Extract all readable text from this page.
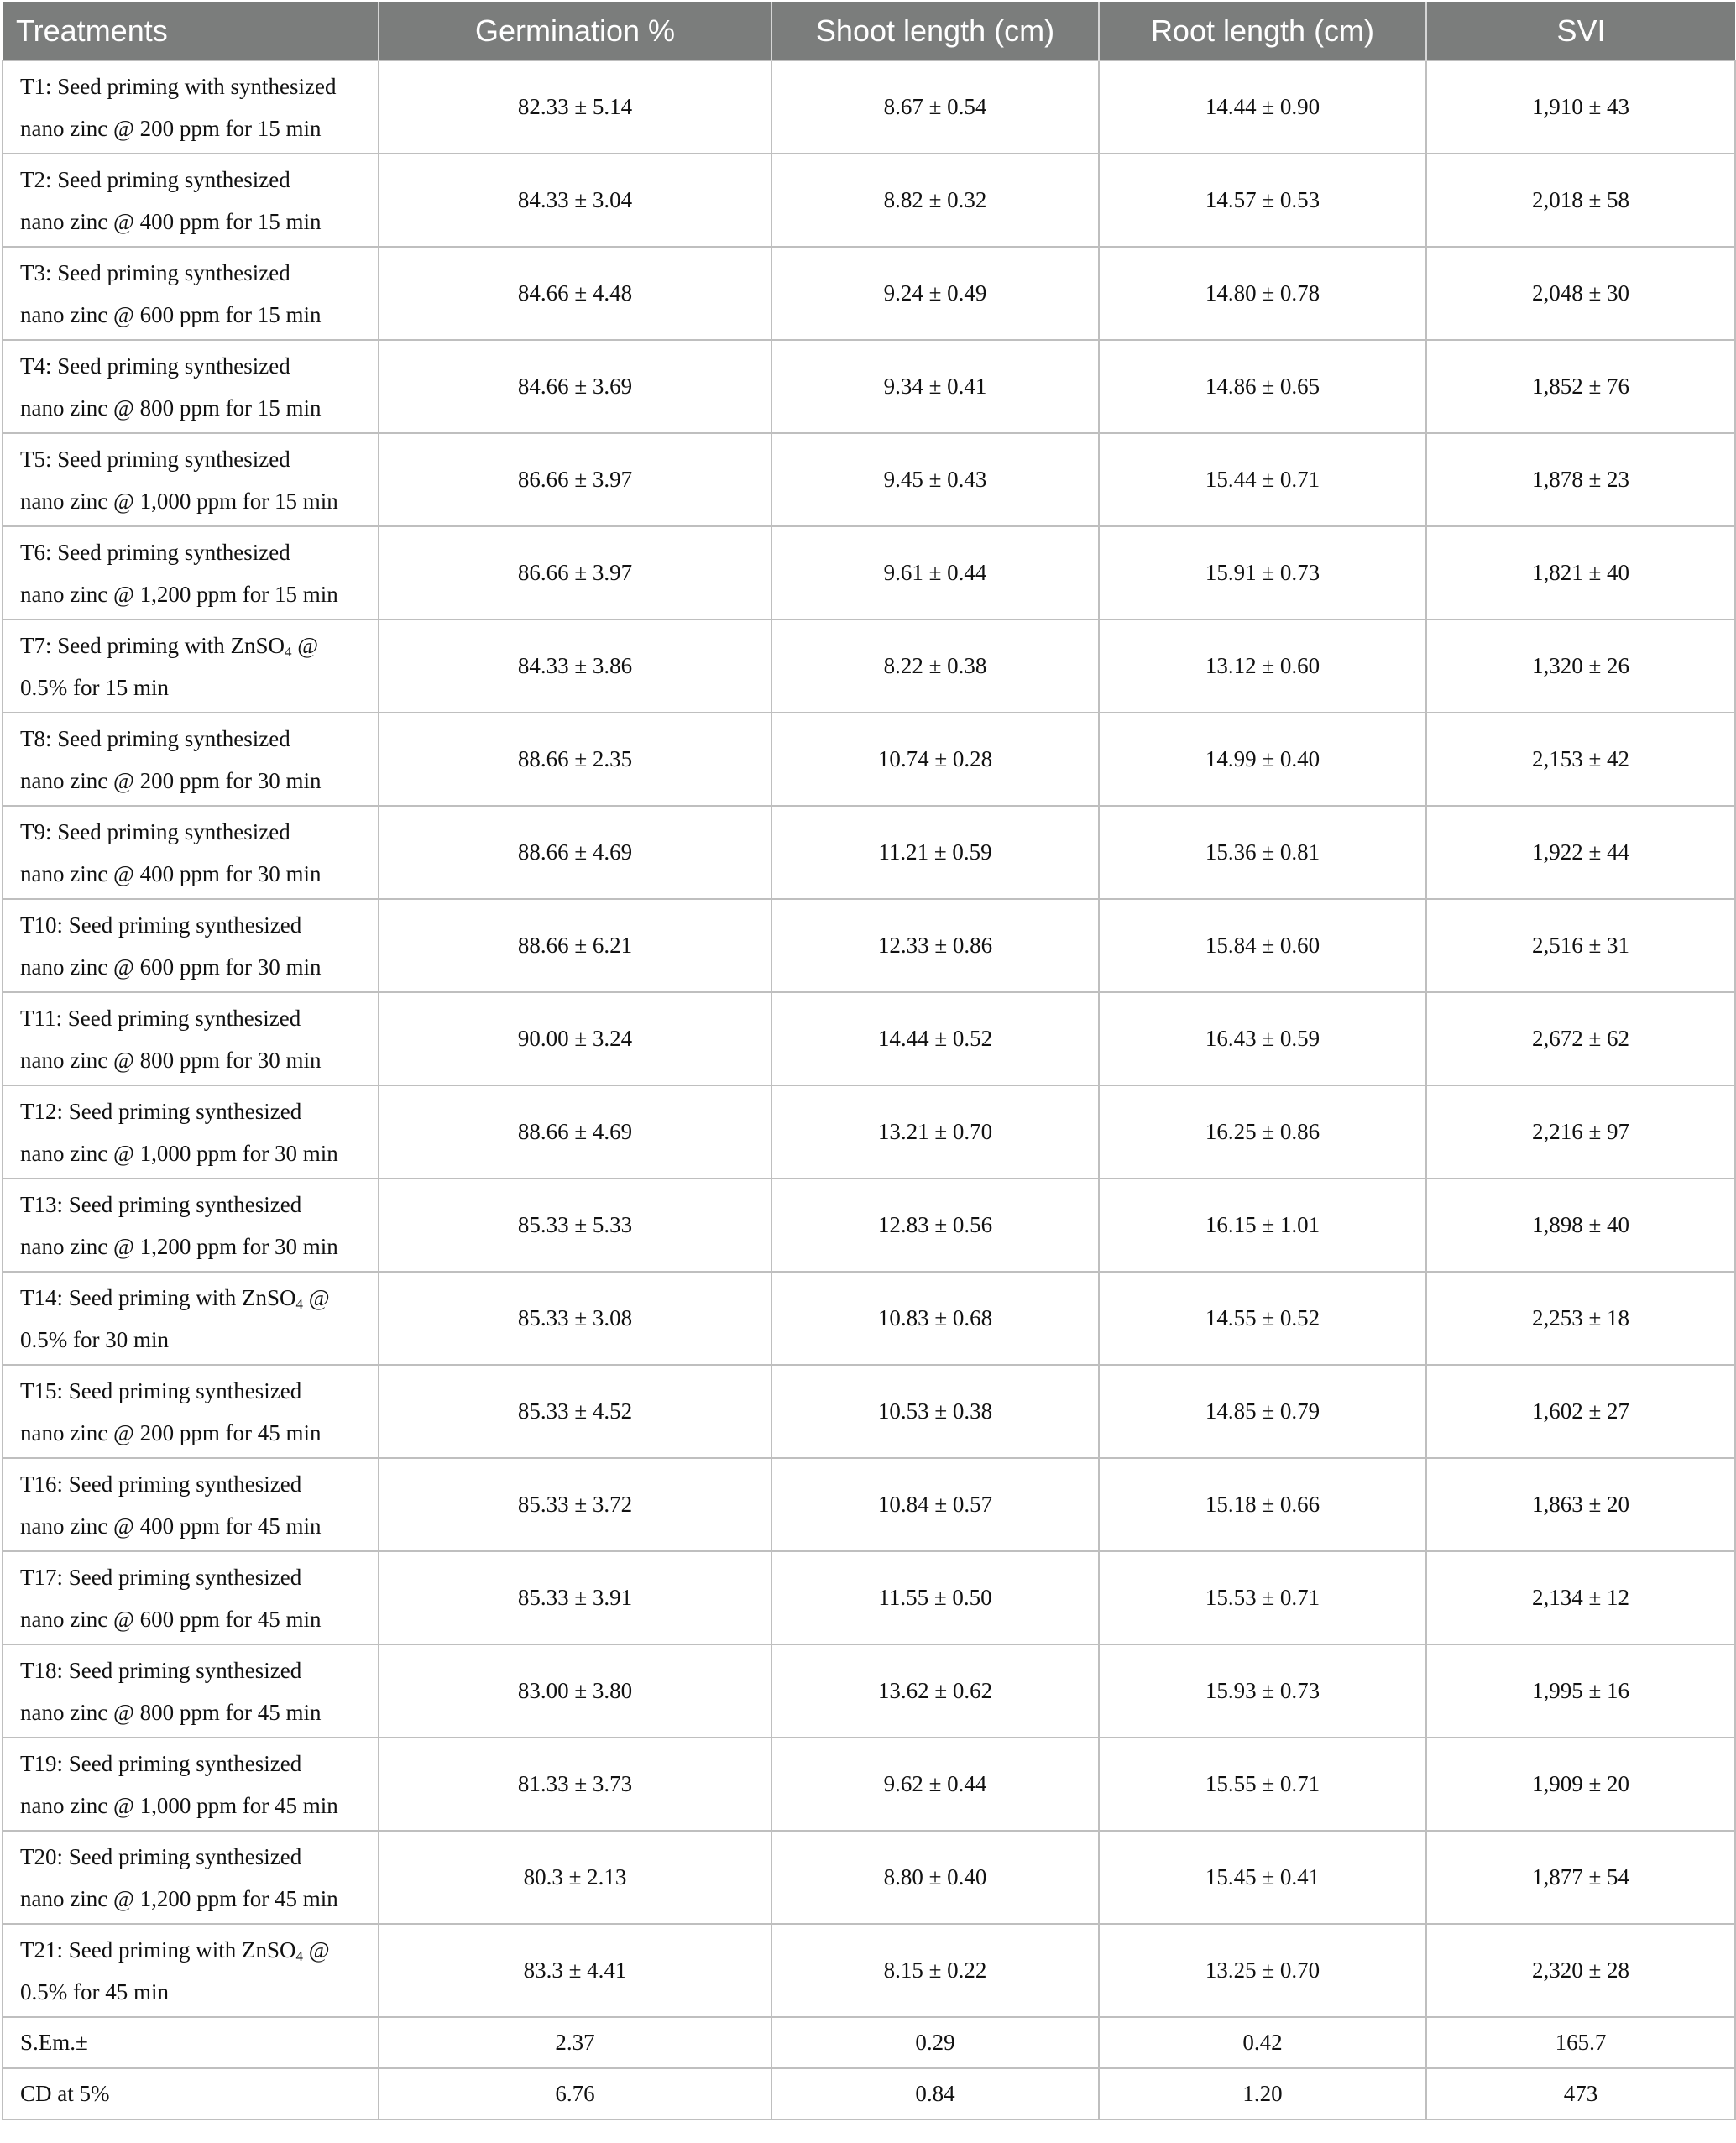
Treatments	Germination %	Shoot length (cm)	Root length (cm)	SVI
T1: Seed priming with synthesized
nano zinc @ 200 ppm for 15 min	82.33 ± 5.14	8.67 ± 0.54	14.44 ± 0.90	1,910 ± 43
T2: Seed priming synthesized
nano zinc @ 400 ppm for 15 min	84.33 ± 3.04	8.82 ± 0.32	14.57 ± 0.53	2,018 ± 58
T3: Seed priming synthesized
nano zinc @ 600 ppm for 15 min	84.66 ± 4.48	9.24 ± 0.49	14.80 ± 0.78	2,048 ± 30
T4: Seed priming synthesized
nano zinc @ 800 ppm for 15 min	84.66 ± 3.69	9.34 ± 0.41	14.86 ± 0.65	1,852 ± 76
T5: Seed priming synthesized
nano zinc @ 1,000 ppm for 15 min	86.66 ± 3.97	9.45 ± 0.43	15.44 ± 0.71	1,878 ± 23
T6: Seed priming synthesized
nano zinc @ 1,200 ppm for 15 min	86.66 ± 3.97	9.61 ± 0.44	15.91 ± 0.73	1,821 ± 40
T7: Seed priming with ZnSO$_4$ @
0.5% for 15 min	84.33 ± 3.86	8.22 ± 0.38	13.12 ± 0.60	1,320 ± 26
T8: Seed priming synthesized
nano zinc @ 200 ppm for 30 min	88.66 ± 2.35	10.74 ± 0.28	14.99 ± 0.40	2,153 ± 42
T9: Seed priming synthesized
nano zinc @ 400 ppm for 30 min	88.66 ± 4.69	11.21 ± 0.59	15.36 ± 0.81	1,922 ± 44
T10: Seed priming synthesized
nano zinc @ 600 ppm for 30 min	88.66 ± 6.21	12.33 ± 0.86	15.84 ± 0.60	2,516 ± 31
T11: Seed priming synthesized
nano zinc @ 800 ppm for 30 min	90.00 ± 3.24	14.44 ± 0.52	16.43 ± 0.59	2,672 ± 62
T12: Seed priming synthesized
nano zinc @ 1,000 ppm for 30 min	88.66 ± 4.69	13.21 ± 0.70	16.25 ± 0.86	2,216 ± 97
T13: Seed priming synthesized
nano zinc @ 1,200 ppm for 30 min	85.33 ± 5.33	12.83 ± 0.56	16.15 ± 1.01	1,898 ± 40
T14: Seed priming with ZnSO$_4$ @
0.5% for 30 min	85.33 ± 3.08	10.83 ± 0.68	14.55 ± 0.52	2,253 ± 18
T15: Seed priming synthesized
nano zinc @ 200 ppm for 45 min	85.33 ± 4.52	10.53 ± 0.38	14.85 ± 0.79	1,602 ± 27
T16: Seed priming synthesized
nano zinc @ 400 ppm for 45 min	85.33 ± 3.72	10.84 ± 0.57	15.18 ± 0.66	1,863 ± 20
T17: Seed priming synthesized
nano zinc @ 600 ppm for 45 min	85.33 ± 3.91	11.55 ± 0.50	15.53 ± 0.71	2,134 ± 12
T18: Seed priming synthesized
nano zinc @ 800 ppm for 45 min	83.00 ± 3.80	13.62 ± 0.62	15.93 ± 0.73	1,995 ± 16
T19: Seed priming synthesized
nano zinc @ 1,000 ppm for 45 min	81.33 ± 3.73	9.62 ± 0.44	15.55 ± 0.71	1,909 ± 20
T20: Seed priming synthesized
nano zinc @ 1,200 ppm for 45 min	80.3 ± 2.13	8.80 ± 0.40	15.45 ± 0.41	1,877 ± 54
T21: Seed priming with ZnSO$_4$ @
0.5% for 45 min	83.3 ± 4.41	8.15 ± 0.22	13.25 ± 0.70	2,320 ± 28
S.Em.±	2.37	0.29	0.42	165.7
CD at 5%	6.76	0.84	1.20	473
